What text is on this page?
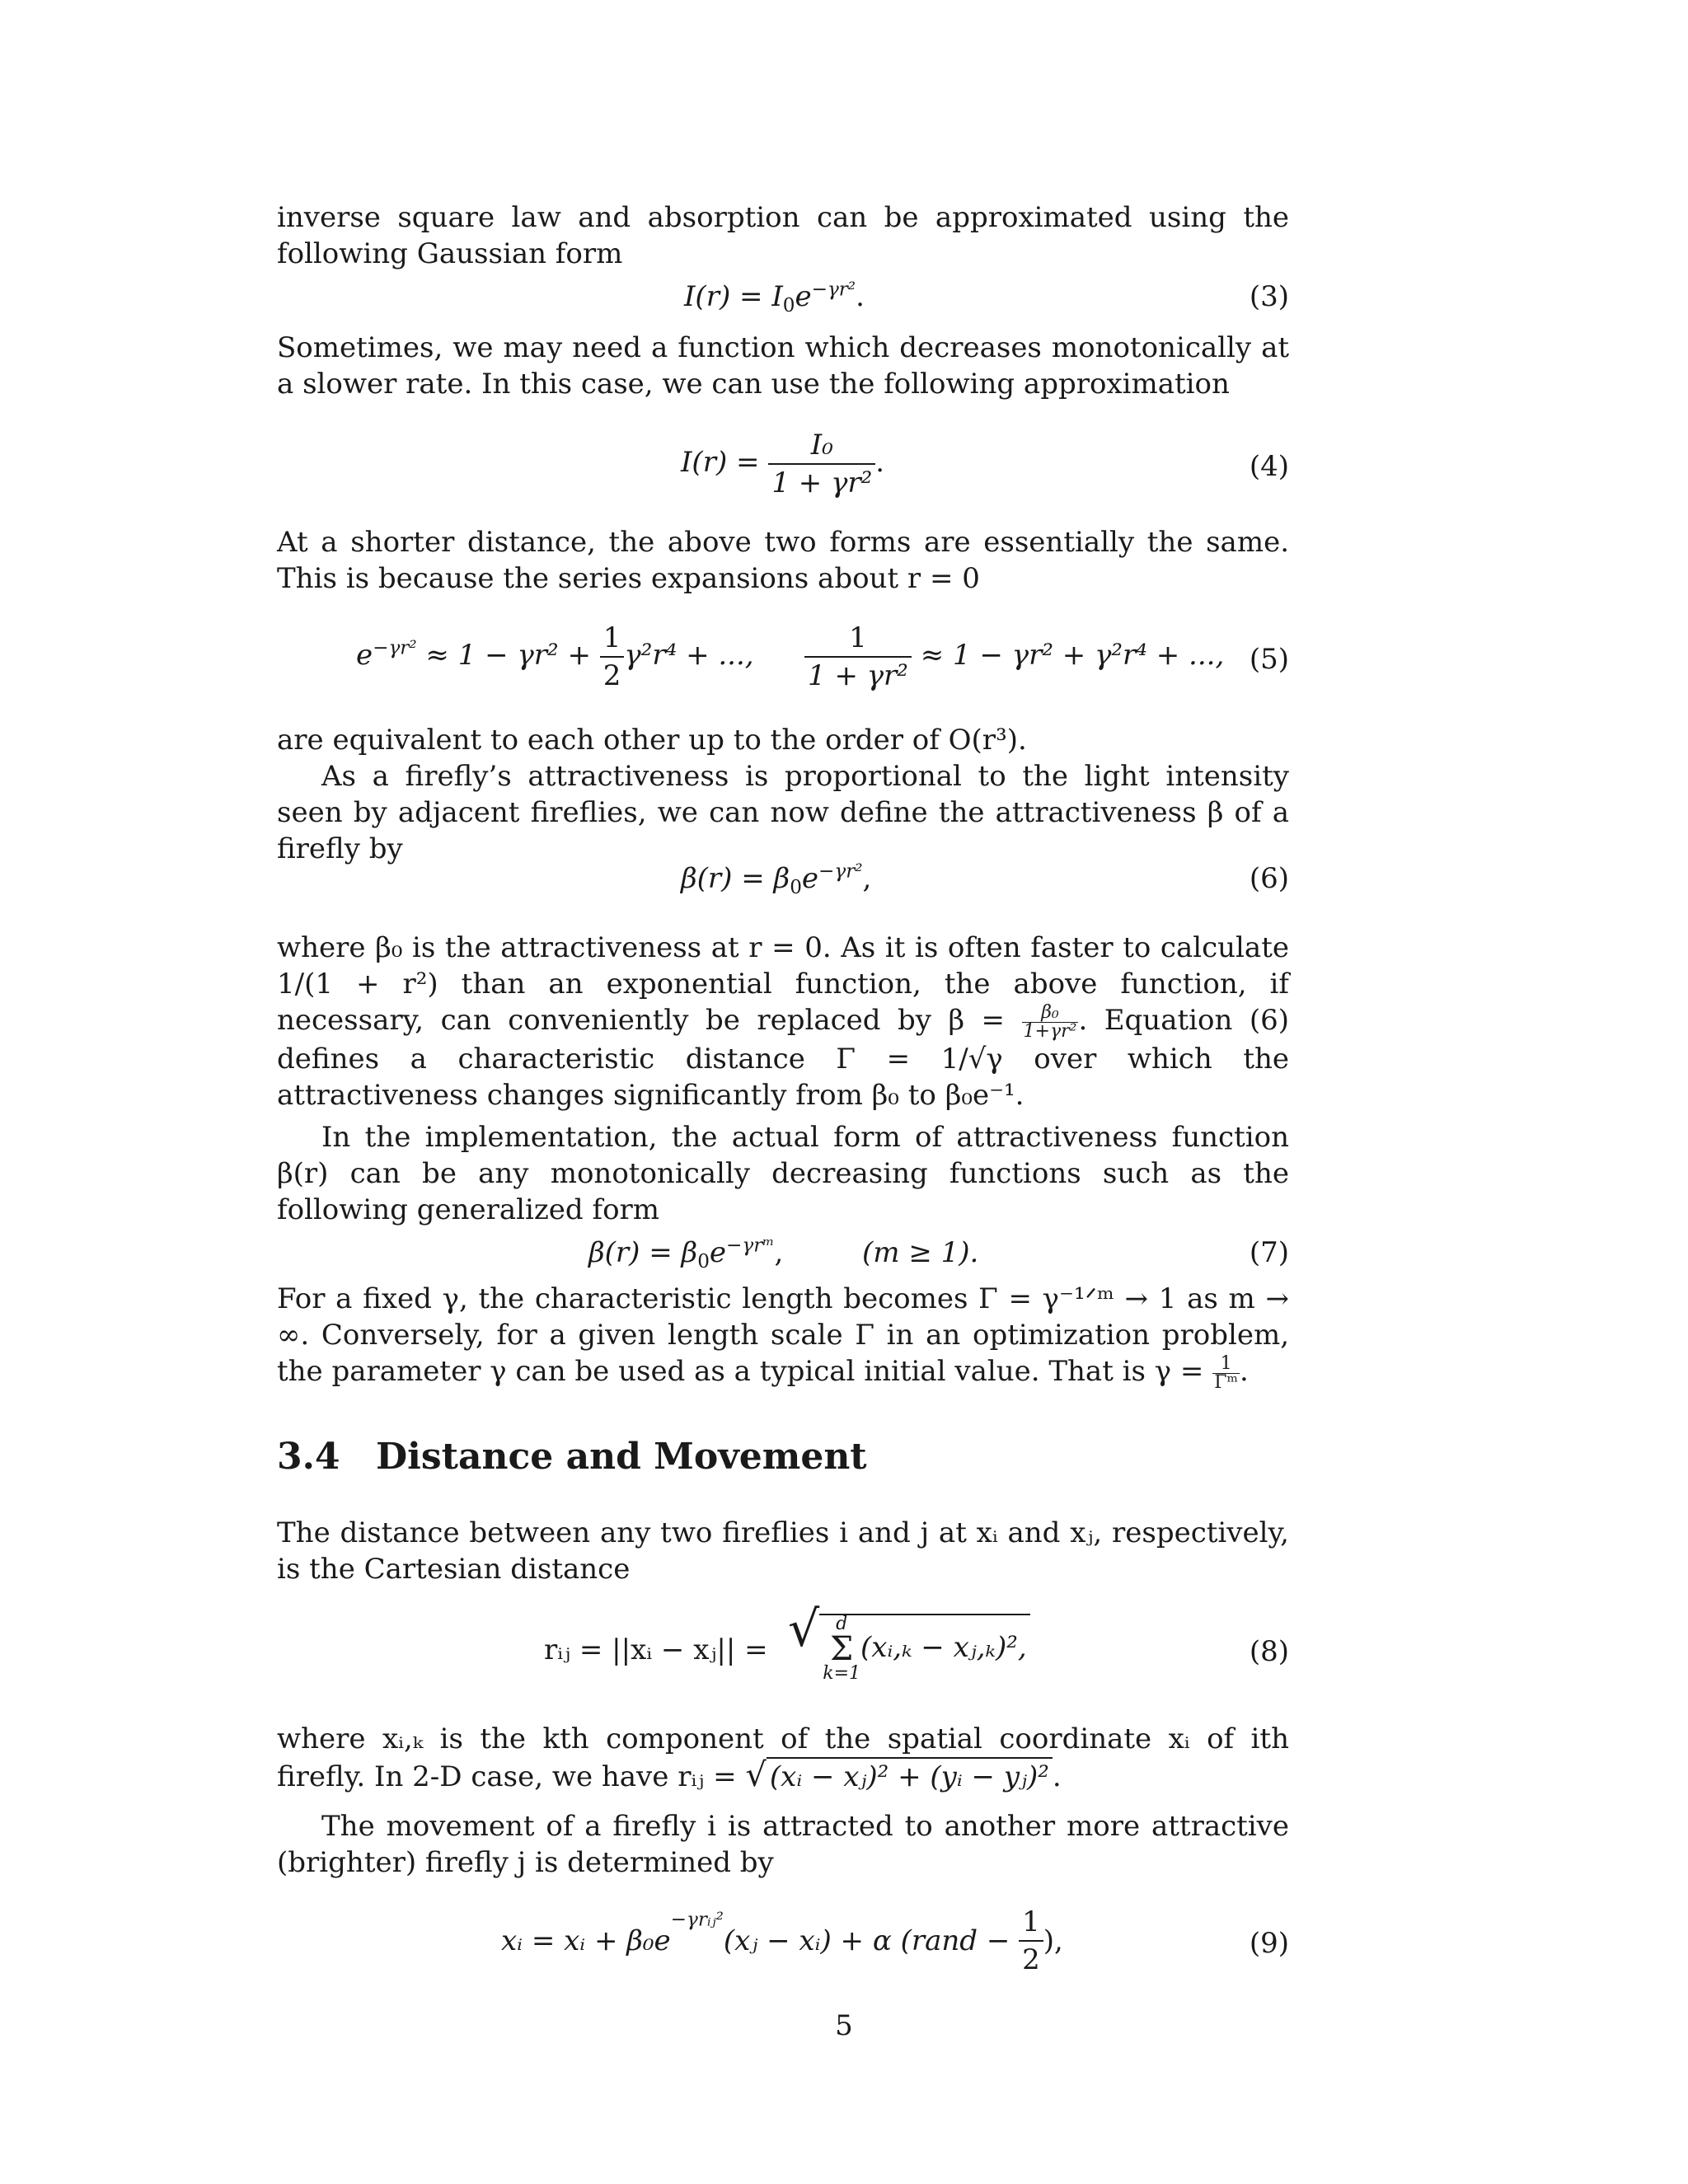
inverse square law and absorption can be approximated using the following Gaussian form

$I(r) = I_0e^{-\gamma r^2}$.	(3)

Sometimes, we may need a function which decreases monotonically at a slower rate. In this case, we can use the following approximation

$I(r) = \frac{\text{I₀}}{\text{1 + γr²}}$ .	(4)

At a shorter distance, the above two forms are essentially the same. This is because the series expansions about r = 0

$e^{-\gamma r^2} \approx 1 - \gamma r^2 + \frac{1}{2} \gamma^2r^4$ + ..., $\frac{1}{\text{1 + γr²}} \approx 1 - \gamma r^2 + \gamma^2r^4$ + ..., (5)

are equivalent to each other up to the order of O(r³).

As a firefly’s attractiveness is proportional to the light intensity seen by adjacent fireflies, we can now define the attractiveness β of a firefly by

$\beta(r) = \beta_0e^{-\gamma r^2}$,	(6)

where β₀ is the attractiveness at r = 0. As it is often faster to calculate 1/(1 + r²) than an exponential function, the above function, if necessary, can conveniently be replaced by $\beta = \frac{\text{β₀}}{\text{1+γr²}}$ . Equation (6) defines a characteristic distance Γ = 1/√γ over which the attractiveness changes significantly from β₀ to β₀e⁻¹.

In the implementation, the actual form of attractiveness function β(r) can be any monotonically decreasing functions such as the following generalized form

$\beta(r) = \beta_0e^{-\gamma rᵐ}$,	(m ≥ 1).	(7)

For a fixed γ, the characteristic length becomes Γ = γ⁻¹ᐟᵐ → 1 as m → ∞. Conversely, for a given length scale Γ in an optimization problem, the parameter γ can be used as a typical initial value. That is $\gamma = \frac{1}{\text{Γᵐ}}$ .

3.4 Distance and Movement

The distance between any two fireflies i and j at xᵢ and xⱼ, respectively, is the Cartesian distance

rᵢⱼ = ||xᵢ − xⱼ|| = √ d
Σ
k=1
(xᵢ,ₖ − xⱼ,ₖ)²,	(8)

where xᵢ,ₖ is the kth component of the spatial coordinate xᵢ of ith firefly. In 2-D case, we have rᵢⱼ = √ (xᵢ − xⱼ)² + (yᵢ − yⱼ)² .

The movement of a firefly i is attracted to another more attractive (brighter) firefly j is determined by

xᵢ = xᵢ + $\beta_0e^{-\gamma rᵢⱼ^2}(xⱼ$ − xᵢ) + α (rand − $\frac{1}{2}$ ),	(9)
5
